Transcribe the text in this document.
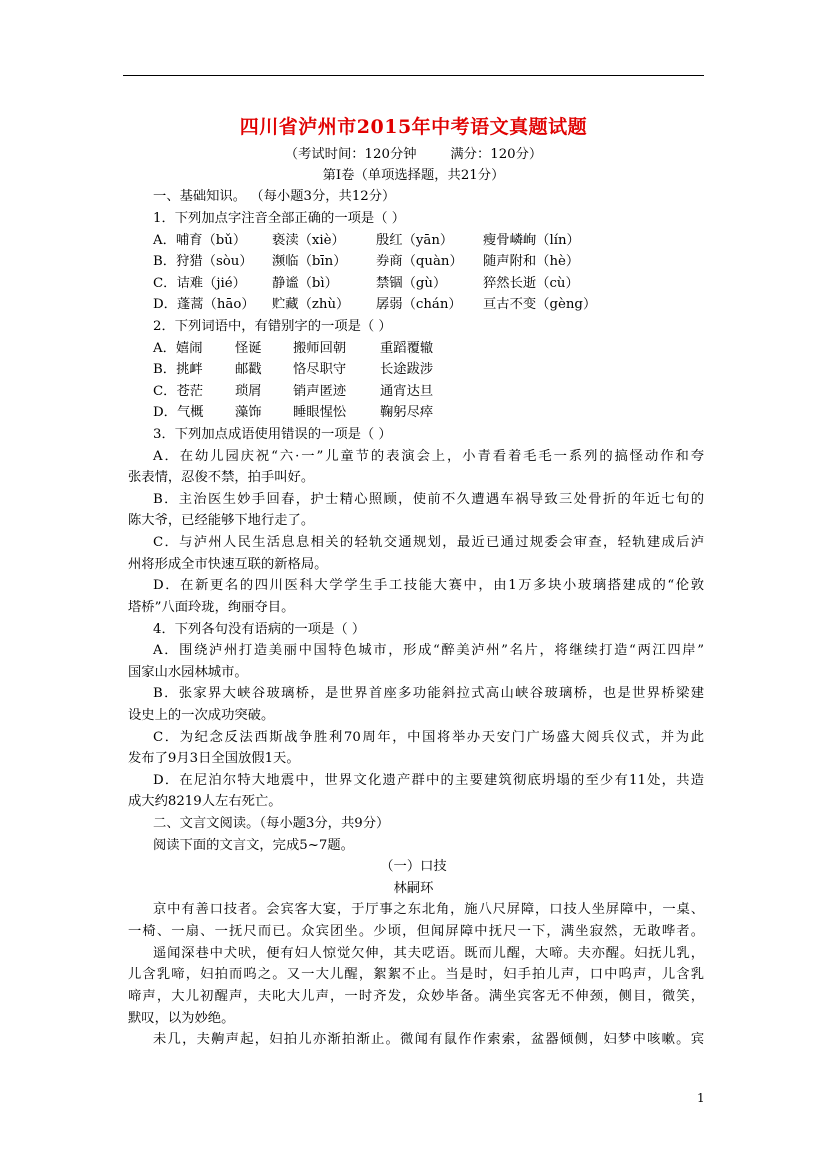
四川省泸州市2015年中考语文真题试题
（考试时间：120分钟        满分：120分）
第Ⅰ卷（单项选择题，共21分）
一、基础知识。 （每小题3分，共12分）
1．下列加点字注音全部正确的一项是（ ）
A．哺育（bǔ）	亵渎（xiè）	殷红（yān）	瘦骨嶙峋（lín）
B．狩猎（sòu）	濒临（bīn）	券商（quàn）	随声附和（hè）
C．诘难（jié）	静谧（bì）	禁锢（gù）	猝然长逝（cù）
D．蓬蒿（hāo）	贮藏（zhù）	孱弱（chán）	亘古不变（gèng）
2．下列词语中，有错别字的一项是（ ）
A．嬉闹	怪诞	搬师回朝	重蹈覆辙
B．挑衅	邮戳	恪尽职守	长途跋涉
C．苍茫	琐屑	销声匿迹	通宵达旦
D．气概	藻饰	睡眼惺忪	鞠躬尽瘁
3．下列加点成语使用错误的一项是（ ）
A．在幼儿园庆祝“六·一”儿童节的表演会上，小青看着毛毛一系列的搞怪动作和夸
张表情，忍俊不禁，拍手叫好。
B．主治医生妙手回春，护士精心照顾，使前不久遭遇车祸导致三处骨折的年近七旬的
陈大爷，已经能够下地行走了。
C．与泸州人民生活息息相关的轻轨交通规划，最近已通过规委会审查，轻轨建成后泸
州将形成全市快速互联的新格局。
D．在新更名的四川医科大学学生手工技能大赛中，由1万多块小玻璃搭建成的“伦敦
塔桥”八面玲珑，绚丽夺目。
4．下列各句没有语病的一项是（ ）
A．围绕泸州打造美丽中国特色城市，形成“醉美泸州”名片，将继续打造“两江四岸”
国家山水园林城市。
B．张家界大峡谷玻璃桥，是世界首座多功能斜拉式高山峡谷玻璃桥，也是世界桥梁建
设史上的一次成功突破。
C．为纪念反法西斯战争胜利70周年，中国将举办天安门广场盛大阅兵仪式，并为此
发布了9月3日全国放假1天。
D．在尼泊尔特大地震中，世界文化遗产群中的主要建筑彻底坍塌的至少有11处，共造
成大约8219人左右死亡。
二、文言文阅读。（每小题3分，共9分）
阅读下面的文言文，完成5~7题。
（一）口技
林嗣环
京中有善口技者。会宾客大宴，于厅事之东北角，施八尺屏障，口技人坐屏障中，一桌、
一椅、一扇、一抚尺而已。众宾团坐。少顷，但闻屏障中抚尺一下，满坐寂然，无敢哗者。
遥闻深巷中犬吠，便有妇人惊觉欠伸，其夫呓语。既而儿醒，大啼。夫亦醒。妇抚儿乳，
儿含乳啼，妇拍而呜之。又一大儿醒，絮絮不止。当是时，妇手拍儿声，口中呜声，儿含乳
啼声，大儿初醒声，夫叱大儿声，一时齐发，众妙毕备。满坐宾客无不伸颈，侧目，微笑，
默叹，以为妙绝。
未几，夫齁声起，妇拍儿亦渐拍渐止。微闻有鼠作作索索，盆器倾侧，妇梦中咳嗽。宾
1
